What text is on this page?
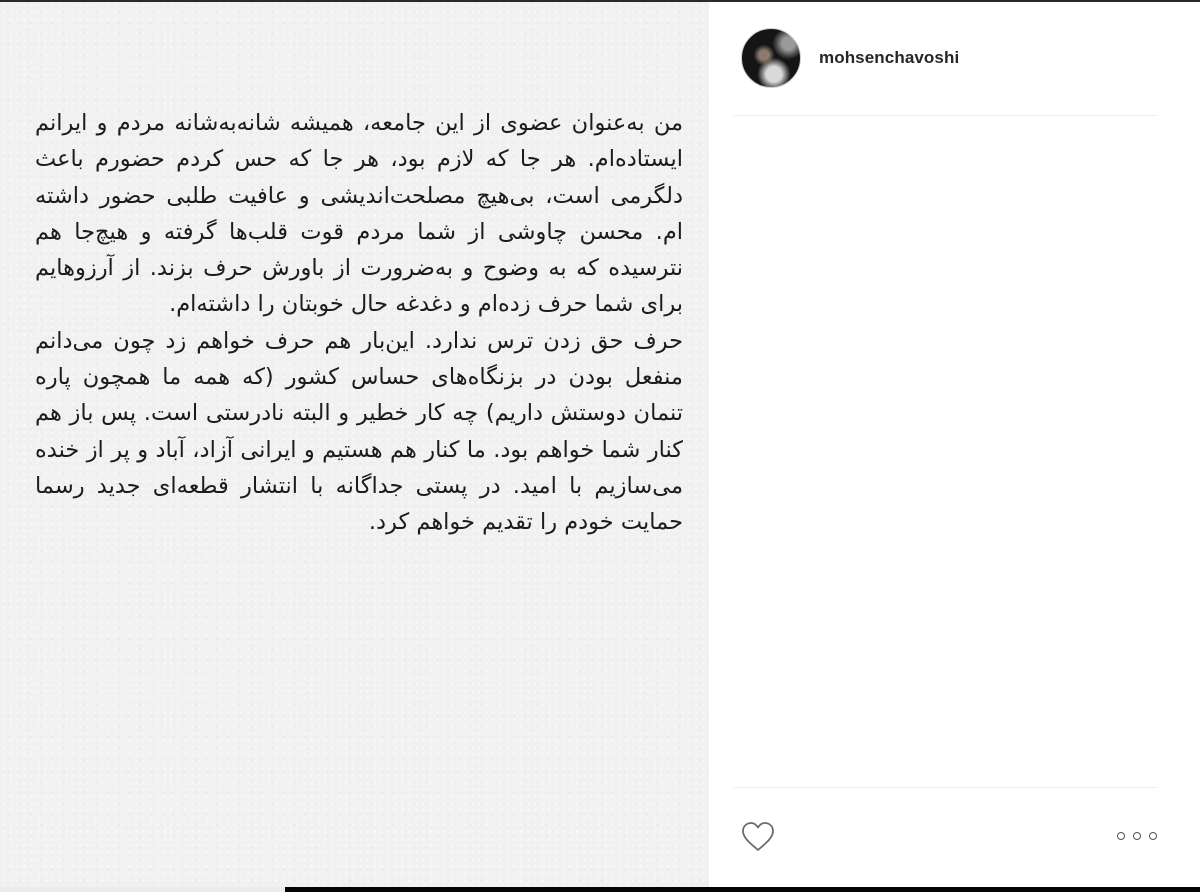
من به‌عنوان عضوی از این جامعه، همیشه شانه‌به‌شانه مردم و ایرانم ایستاده‌ام. هر جا که لازم بود، هر جا که حس کردم حضورم باعث دلگرمی است، بی‌هیچ مصلحت‌اندیشی و عافیت طلبی حضور داشته ام. محسن چاوشی از شما مردم قوت قلب‌ها گرفته و هیچ‌جا هم نترسیده که به وضوح و به‌ضرورت از باورش حرف بزند. از آرزوهایم برای شما حرف زده‌ام و دغدغه حال خوبتان را داشته‌ام.

حرف حق زدن ترس ندارد. این‌بار هم حرف خواهم زد چون می‌دانم منفعل بودن در بزنگاه‌های حساس کشور (که همه ما همچون پاره تنمان دوستش داریم) چه کار خطیر و البته نادرستی است. پس باز هم کنار شما خواهم بود. ما کنار هم هستیم و ایرانی آزاد، آباد و پر از خنده می‌سازیم با امید. در پستی جداگانه با انتشار قطعه‌ای جدید رسما حمایت خودم را تقدیم خواهم کرد.

mohsenchavoshi
